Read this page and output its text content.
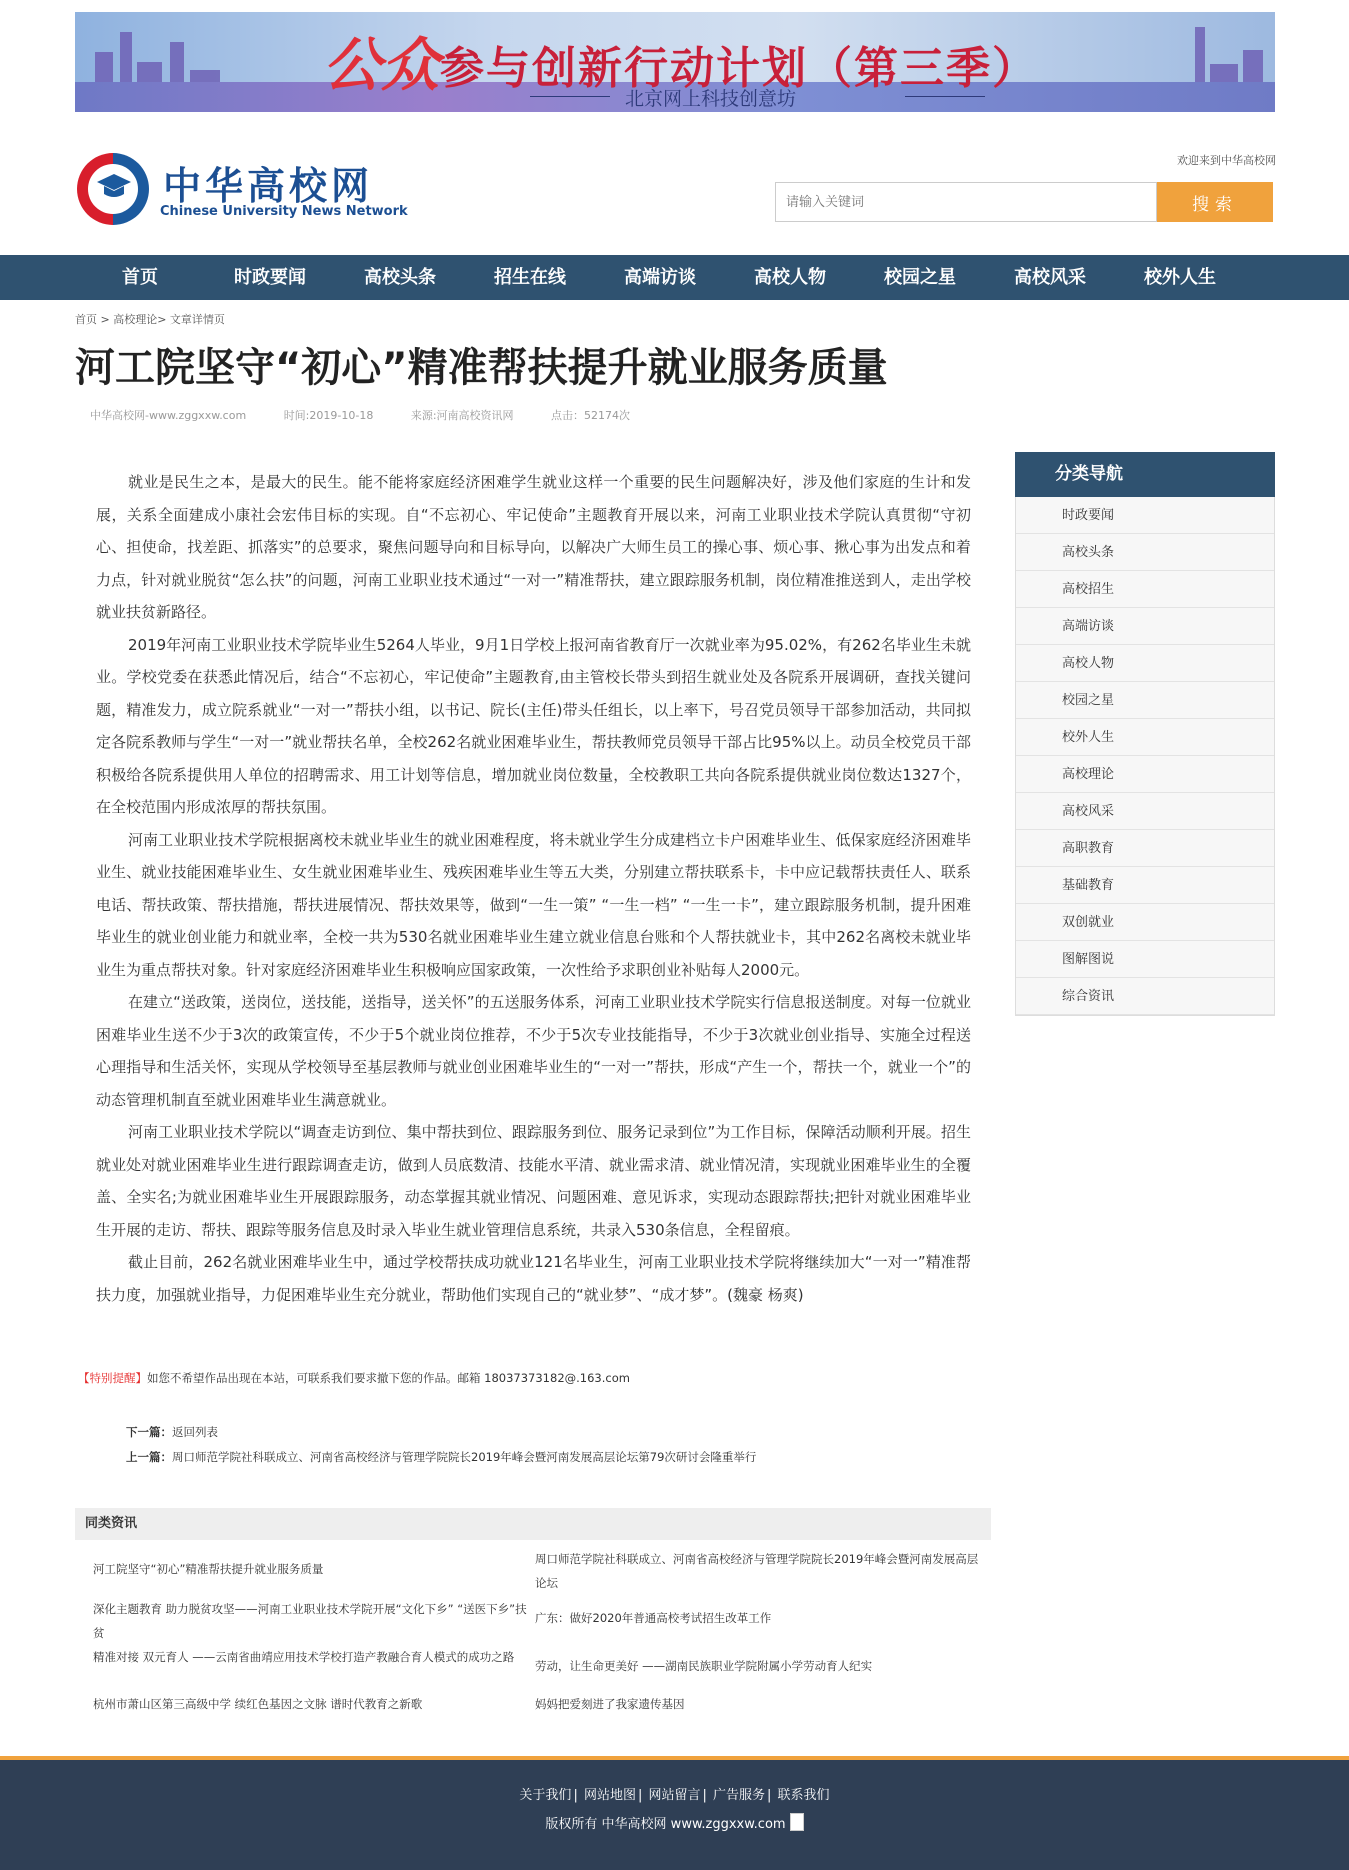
公众 参与创新行动计划（第三季）
北京网上科技创意坊
中华高校网
Chinese University News Network
欢迎来到中华高校网
请输入关键词
搜索
首页	时政要闻	高校头条	招生在线	高端访谈	高校人物	校园之星	高校风采	校外人生
首页 > 高校理论> 文章详情页
河工院坚守“初心”精准帮扶提升就业服务质量
中华高校网-www.zggxxw.com	时间:2019-10-18	来源:河南高校资讯网	点击：52174次

就业是民生之本，是最大的民生。能不能将家庭经济困难学生就业这样一个重要的民生问题解决好，涉及他们家庭的生计和发展，关系全面建成小康社会宏伟目标的实现。自“不忘初心、牢记使命”主题教育开展以来，河南工业职业技术学院认真贯彻“守初心、担使命，找差距、抓落实”的总要求，聚焦问题导向和目标导向，以解决广大师生员工的操心事、烦心事、揪心事为出发点和着力点，针对就业脱贫“怎么扶”的问题，河南工业职业技术通过“一对一”精准帮扶，建立跟踪服务机制，岗位精准推送到人，走出学校就业扶贫新路径。

2019年河南工业职业技术学院毕业生5264人毕业，9月1日学校上报河南省教育厅一次就业率为95.02%，有262名毕业生未就业。学校党委在获悉此情况后，结合“不忘初心，牢记使命”主题教育,由主管校长带头到招生就业处及各院系开展调研，查找关键问题，精准发力，成立院系就业“一对一”帮扶小组，以书记、院长(主任)带头任组长，以上率下，号召党员领导干部参加活动，共同拟定各院系教师与学生“一对一”就业帮扶名单，全校262名就业困难毕业生，帮扶教师党员领导干部占比95%以上。动员全校党员干部积极给各院系提供用人单位的招聘需求、用工计划等信息，增加就业岗位数量，全校教职工共向各院系提供就业岗位数达1327个，在全校范围内形成浓厚的帮扶氛围。

河南工业职业技术学院根据离校未就业毕业生的就业困难程度，将未就业学生分成建档立卡户困难毕业生、低保家庭经济困难毕业生、就业技能困难毕业生、女生就业困难毕业生、残疾困难毕业生等五大类，分别建立帮扶联系卡，卡中应记载帮扶责任人、联系电话、帮扶政策、帮扶措施，帮扶进展情况、帮扶效果等，做到“一生一策” “一生一档” “一生一卡”，建立跟踪服务机制，提升困难毕业生的就业创业能力和就业率，全校一共为530名就业困难毕业生建立就业信息台账和个人帮扶就业卡，其中262名离校未就业毕业生为重点帮扶对象。针对家庭经济困难毕业生积极响应国家政策，一次性给予求职创业补贴每人2000元。

在建立“送政策，送岗位，送技能，送指导，送关怀”的五送服务体系，河南工业职业技术学院实行信息报送制度。对每一位就业困难毕业生送不少于3次的政策宣传，不少于5个就业岗位推荐，不少于5次专业技能指导，不少于3次就业创业指导、实施全过程送心理指导和生活关怀，实现从学校领导至基层教师与就业创业困难毕业生的“一对一”帮扶，形成“产生一个，帮扶一个，就业一个”的动态管理机制直至就业困难毕业生满意就业。

河南工业职业技术学院以“调查走访到位、集中帮扶到位、跟踪服务到位、服务记录到位”为工作目标，保障活动顺利开展。招生就业处对就业困难毕业生进行跟踪调查走访，做到人员底数清、技能水平清、就业需求清、就业情况清，实现就业困难毕业生的全覆盖、全实名;为就业困难毕业生开展跟踪服务，动态掌握其就业情况、问题困难、意见诉求，实现动态跟踪帮扶;把针对就业困难毕业生开展的走访、帮扶、跟踪等服务信息及时录入毕业生就业管理信息系统，共录入530条信息，全程留痕。

截止目前，262名就业困难毕业生中，通过学校帮扶成功就业121名毕业生，河南工业职业技术学院将继续加大“一对一”精准帮扶力度，加强就业指导，力促困难毕业生充分就业，帮助他们实现自己的“就业梦”、“成才梦”。(魏豪 杨爽)

【特别提醒】如您不希望作品出现在本站，可联系我们要求撤下您的作品。邮箱 18037373182@.163.com
下一篇：返回列表
上一篇：周口师范学院社科联成立、河南省高校经济与管理学院院长2019年峰会暨河南发展高层论坛第79次研讨会隆重举行
同类资讯
河工院坚守“初心”精准帮扶提升就业服务质量
深化主题教育 助力脱贫攻坚——河南工业职业技术学院开展“文化下乡” “送医下乡”扶贫
精准对接 双元育人 ——云南省曲靖应用技术学校打造产教融合育人模式的成功之路
杭州市萧山区第三高级中学 续红色基因之文脉 谱时代教育之新歌
周口师范学院社科联成立、河南省高校经济与管理学院院长2019年峰会暨河南发展高层论坛
广东：做好2020年普通高校考试招生改革工作
劳动，让生命更美好 ——湖南民族职业学院附属小学劳动育人纪实
妈妈把爱刻进了我家遗传基因
分类导航
时政要闻
高校头条
高校招生
高端访谈
高校人物
校园之星
校外人生
高校理论
高校风采
高职教育
基础教育
双创就业
图解图说
综合资讯
关于我们 | 网站地图 | 网站留言 | 广告服务 | 联系我们
版权所有 中华高校网 www.zggxxw.com
